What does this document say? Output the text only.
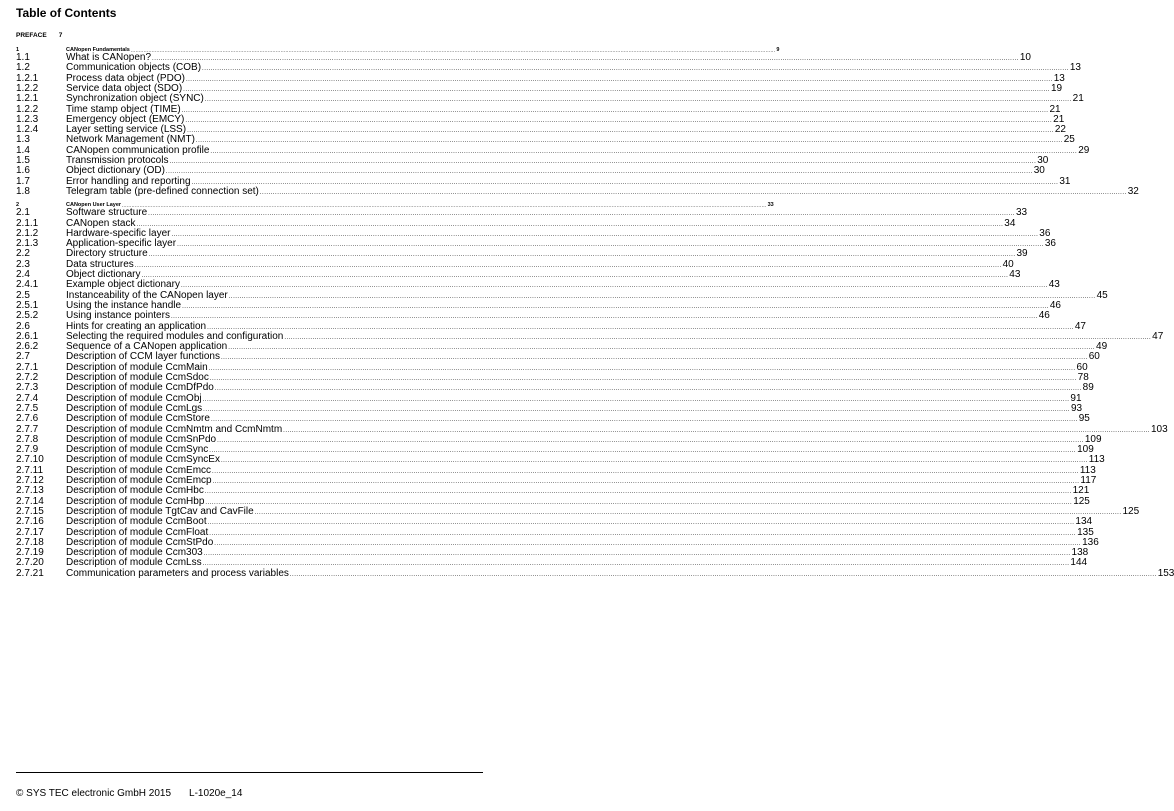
Table of Contents
PREFACE 7
1	CANopen Fundamentals ................................................................................................................................................................................................................................................................................................................................................................................................................ 9
1.1	What is CANopen? ................................................................................................................................................................................................................................................................................................................................................................................................................ 10
1.2	Communication objects (COB) ................................................................................................................................................................................................................................................................................................................................................................................................................ 13
1.2.1	Process data object (PDO) ................................................................................................................................................................................................................................................................................................................................................................................................................ 13
1.2.2	Service data object (SDO) ................................................................................................................................................................................................................................................................................................................................................................................................................ 19
1.2.1	Synchronization object (SYNC) ................................................................................................................................................................................................................................................................................................................................................................................................................ 21
1.2.2	Time stamp object (TIME) ................................................................................................................................................................................................................................................................................................................................................................................................................ 21
1.2.3	Emergency object (EMCY) ................................................................................................................................................................................................................................................................................................................................................................................................................ 21
1.2.4	Layer setting service (LSS) ................................................................................................................................................................................................................................................................................................................................................................................................................ 22
1.3	Network Management (NMT) ................................................................................................................................................................................................................................................................................................................................................................................................................ 25
1.4	CANopen communication profile ................................................................................................................................................................................................................................................................................................................................................................................................................ 29
1.5	Transmission protocols ................................................................................................................................................................................................................................................................................................................................................................................................................ 30
1.6	Object dictionary (OD) ................................................................................................................................................................................................................................................................................................................................................................................................................ 30
1.7	Error handling and reporting ................................................................................................................................................................................................................................................................................................................................................................................................................ 31
1.8	Telegram table (pre-defined connection set) ................................................................................................................................................................................................................................................................................................................................................................................................................ 32
2	CANopen User Layer ................................................................................................................................................................................................................................................................................................................................................................................................................ 33
2.1	Software structure ................................................................................................................................................................................................................................................................................................................................................................................................................ 33
2.1.1	CANopen stack ................................................................................................................................................................................................................................................................................................................................................................................................................ 34
2.1.2	Hardware-specific layer ................................................................................................................................................................................................................................................................................................................................................................................................................ 36
2.1.3	Application-specific layer ................................................................................................................................................................................................................................................................................................................................................................................................................ 36
2.2	Directory structure ................................................................................................................................................................................................................................................................................................................................................................................................................ 39
2.3	Data structures ................................................................................................................................................................................................................................................................................................................................................................................................................ 40
2.4	Object dictionary ................................................................................................................................................................................................................................................................................................................................................................................................................ 43
2.4.1	Example object dictionary ................................................................................................................................................................................................................................................................................................................................................................................................................ 43
2.5	Instanceability of the CANopen layer ................................................................................................................................................................................................................................................................................................................................................................................................................ 45
2.5.1	Using the instance handle ................................................................................................................................................................................................................................................................................................................................................................................................................ 46
2.5.2	Using instance pointers ................................................................................................................................................................................................................................................................................................................................................................................................................ 46
2.6	Hints for creating an application ................................................................................................................................................................................................................................................................................................................................................................................................................ 47
2.6.1	Selecting the required modules and configuration ................................................................................................................................................................................................................................................................................................................................................................................................................ 47
2.6.2	Sequence of a CANopen application ................................................................................................................................................................................................................................................................................................................................................................................................................ 49
2.7	Description of CCM layer functions ................................................................................................................................................................................................................................................................................................................................................................................................................ 60
2.7.1	Description of module CcmMain ................................................................................................................................................................................................................................................................................................................................................................................................................ 60
2.7.2	Description of module CcmSdoc ................................................................................................................................................................................................................................................................................................................................................................................................................ 78
2.7.3	Description of module CcmDfPdo ................................................................................................................................................................................................................................................................................................................................................................................................................ 89
2.7.4	Description of module CcmObj ................................................................................................................................................................................................................................................................................................................................................................................................................ 91
2.7.5	Description of module CcmLgs ................................................................................................................................................................................................................................................................................................................................................................................................................ 93
2.7.6	Description of module CcmStore ................................................................................................................................................................................................................................................................................................................................................................................................................ 95
2.7.7	Description of module CcmNmtm and CcmNmtm ................................................................................................................................................................................................................................................................................................................................................................................................................ 103
2.7.8	Description of module CcmSnPdo ................................................................................................................................................................................................................................................................................................................................................................................................................ 109
2.7.9	Description of module CcmSync ................................................................................................................................................................................................................................................................................................................................................................................................................ 109
2.7.10	Description of module CcmSyncEx ................................................................................................................................................................................................................................................................................................................................................................................................................ 113
2.7.11	Description of module CcmEmcc ................................................................................................................................................................................................................................................................................................................................................................................................................ 113
2.7.12	Description of module CcmEmcp ................................................................................................................................................................................................................................................................................................................................................................................................................ 117
2.7.13	Description of module CcmHbc ................................................................................................................................................................................................................................................................................................................................................................................................................ 121
2.7.14	Description of module CcmHbp ................................................................................................................................................................................................................................................................................................................................................................................................................ 125
2.7.15	Description of module TgtCav and CavFile ................................................................................................................................................................................................................................................................................................................................................................................................................ 125
2.7.16	Description of module CcmBoot ................................................................................................................................................................................................................................................................................................................................................................................................................ 134
2.7.17	Description of module CcmFloat ................................................................................................................................................................................................................................................................................................................................................................................................................ 135
2.7.18	Description of module CcmStPdo ................................................................................................................................................................................................................................................................................................................................................................................................................ 136
2.7.19	Description of module Ccm303 ................................................................................................................................................................................................................................................................................................................................................................................................................ 138
2.7.20	Description of module CcmLss ................................................................................................................................................................................................................................................................................................................................................................................................................ 144
2.7.21	Communication parameters and process variables ................................................................................................................................................................................................................................................................................................................................................................................................................ 153
© SYS TEC electronic GmbH 2015 L-1020e_14
